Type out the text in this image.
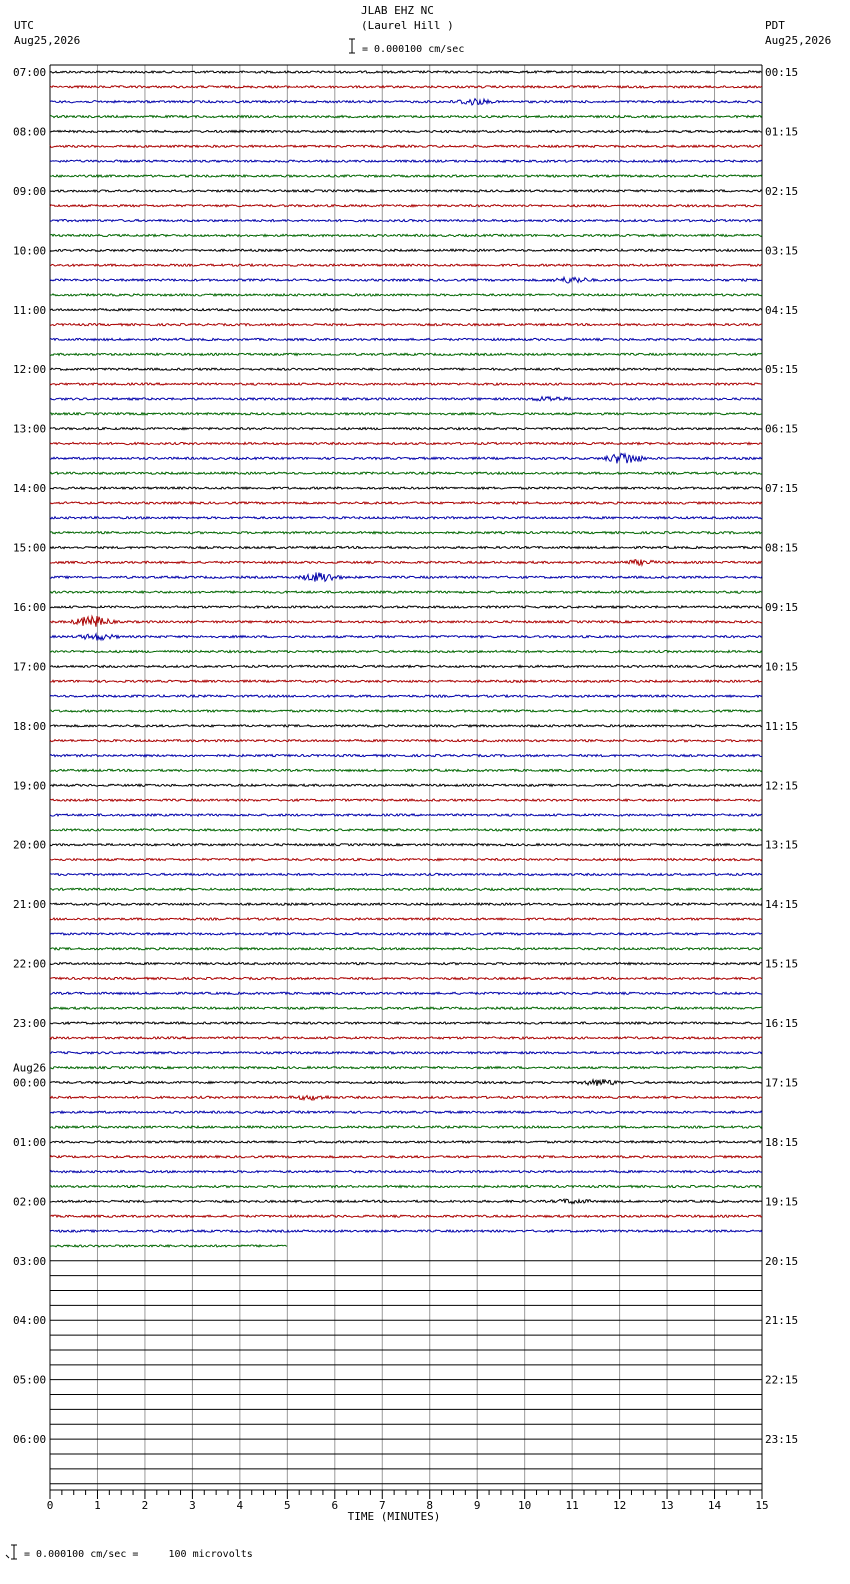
JLAB EHZ NC
(Laurel Hill )
UTC
Aug25,2026
PDT
Aug25,2026
= 0.000100 cm/sec
= 0.000100 cm/sec =     100 microvolts
0	1	2	3	4	5	6	7	8	9	10	11	12	13	14	15
TIME (MINUTES)
07:00	00:15
08:00	01:15
09:00	02:15
10:00	03:15
11:00	04:15
12:00	05:15
13:00	06:15
14:00	07:15
15:00	08:15
16:00	09:15
17:00	10:15
18:00	11:15
19:00	12:15
20:00	13:15
21:00	14:15
22:00	15:15
23:00	16:15
00:00	17:15
01:00	18:15
02:00	19:15
03:00	20:15
04:00	21:15
05:00	22:15
06:00	23:15
Aug26
